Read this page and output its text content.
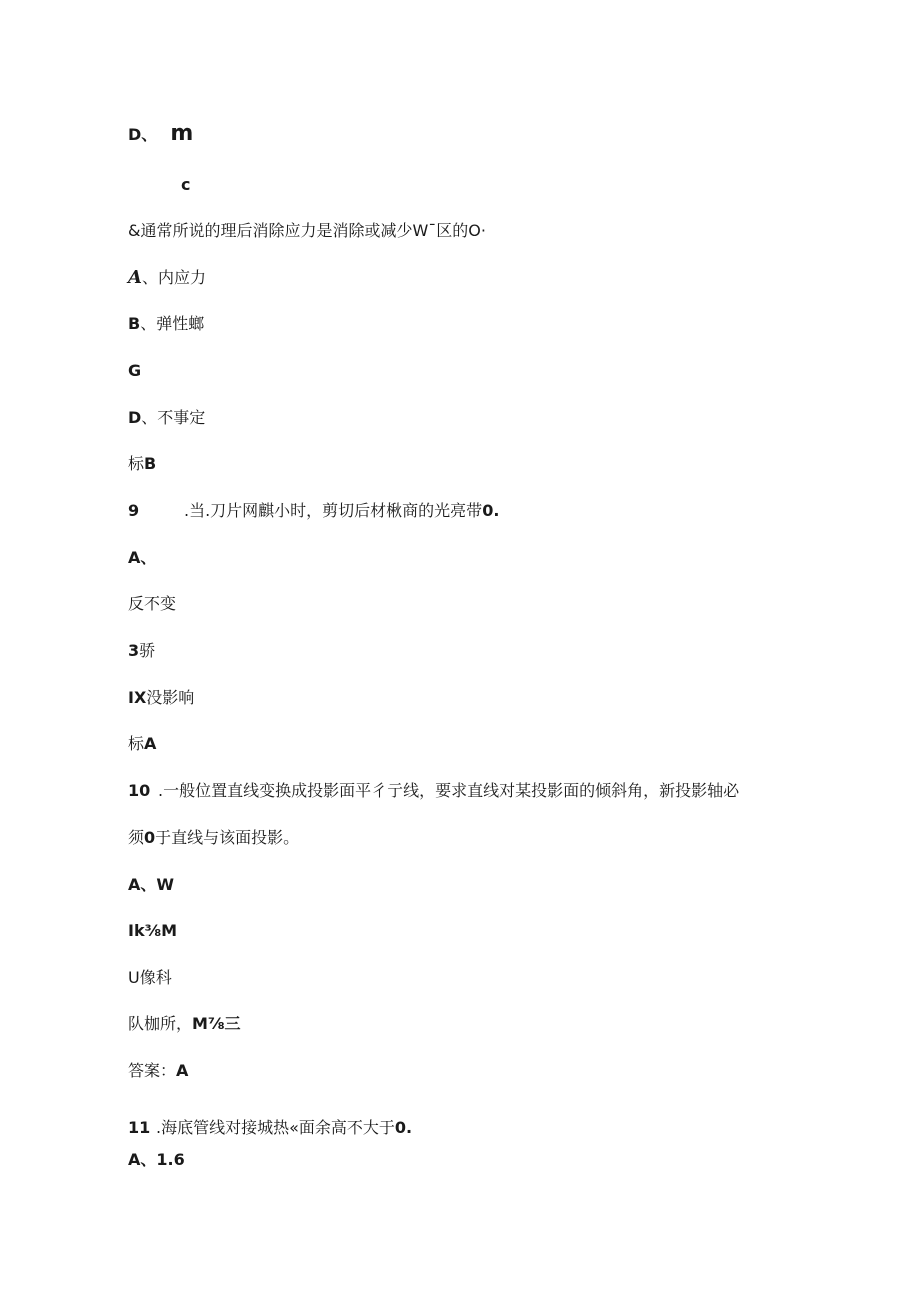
D、 m
c
&通常所说的理后消除应力是消除或减少W¯区的O·
A、内应力
B、弹性螂
G
D、不事定
标B
9	.当.刀片网麒小时，剪切后材楸商的光亮带0.
A、
反不变
3骄
IX没影响
标A
10 .一般位置直线变换成投影面平彳亍线，要求直线对某投影面的倾斜角，新投影轴必
须0于直线与该面投影。
A、W
Ik⅜M
U像科
队枷所，M⅞三
答案：A
11 .海底管线对接城热«面余高不大于0.
A、1.6
